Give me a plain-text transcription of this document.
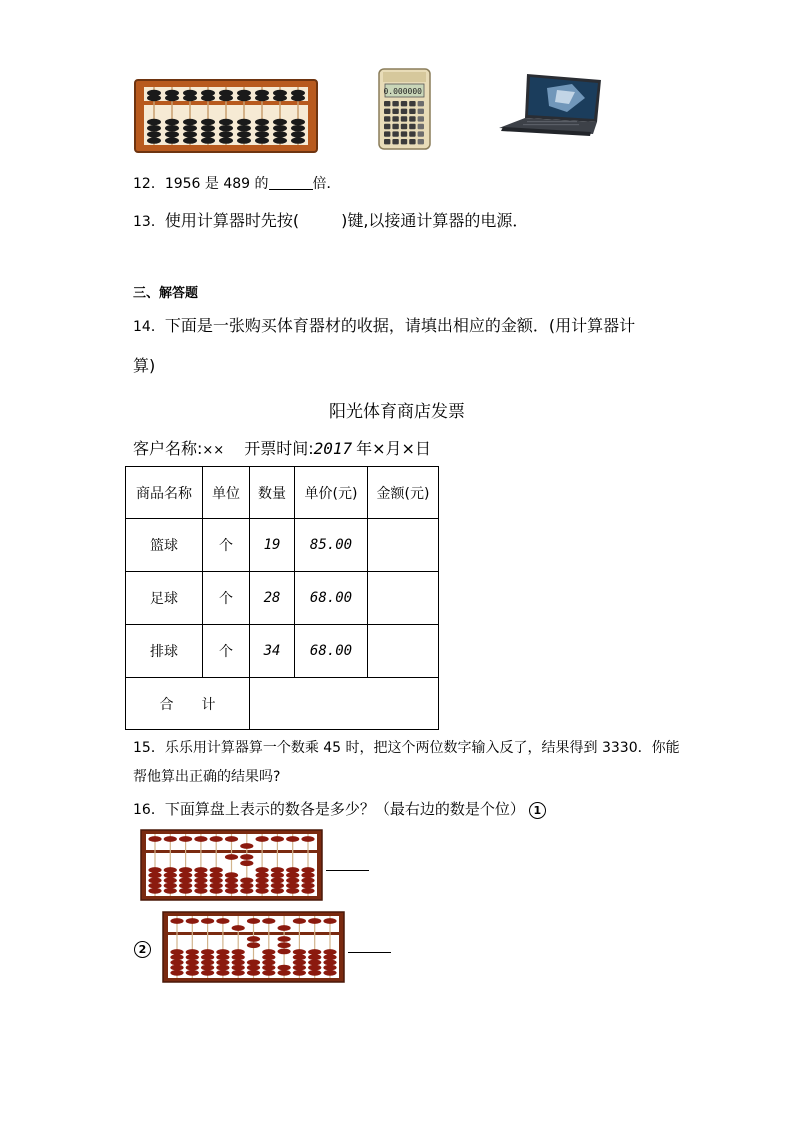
0.000000
12．1956 是 489 的	倍．
13．使用计算器时先按(	)键,以接通计算器的电源．
三、解答题
14．下面是一张购买体育器材的收据，请填出相应的金额．(用计算器计
算)
阳光体育商店发票
客户名称:×× 开票时间:2017 年×月×日
商品名称	单位	数量	单价(元)	金额(元)
篮球	个	19	85.00	
足球	个	28	68.00	
排球	个	34	68.00	
合　　计				
15．乐乐用计算器算一个数乘 45 时，把这个两位数字输入反了，结果得到 3330．你能
帮他算出正确的结果吗?
16．下面算盘上表示的数各是多少？（最右边的数是个位） 1
2
